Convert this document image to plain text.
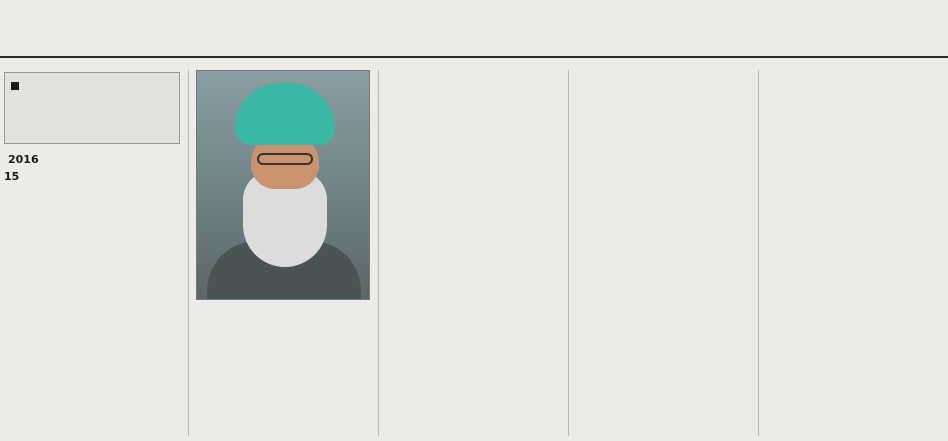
2016
15
